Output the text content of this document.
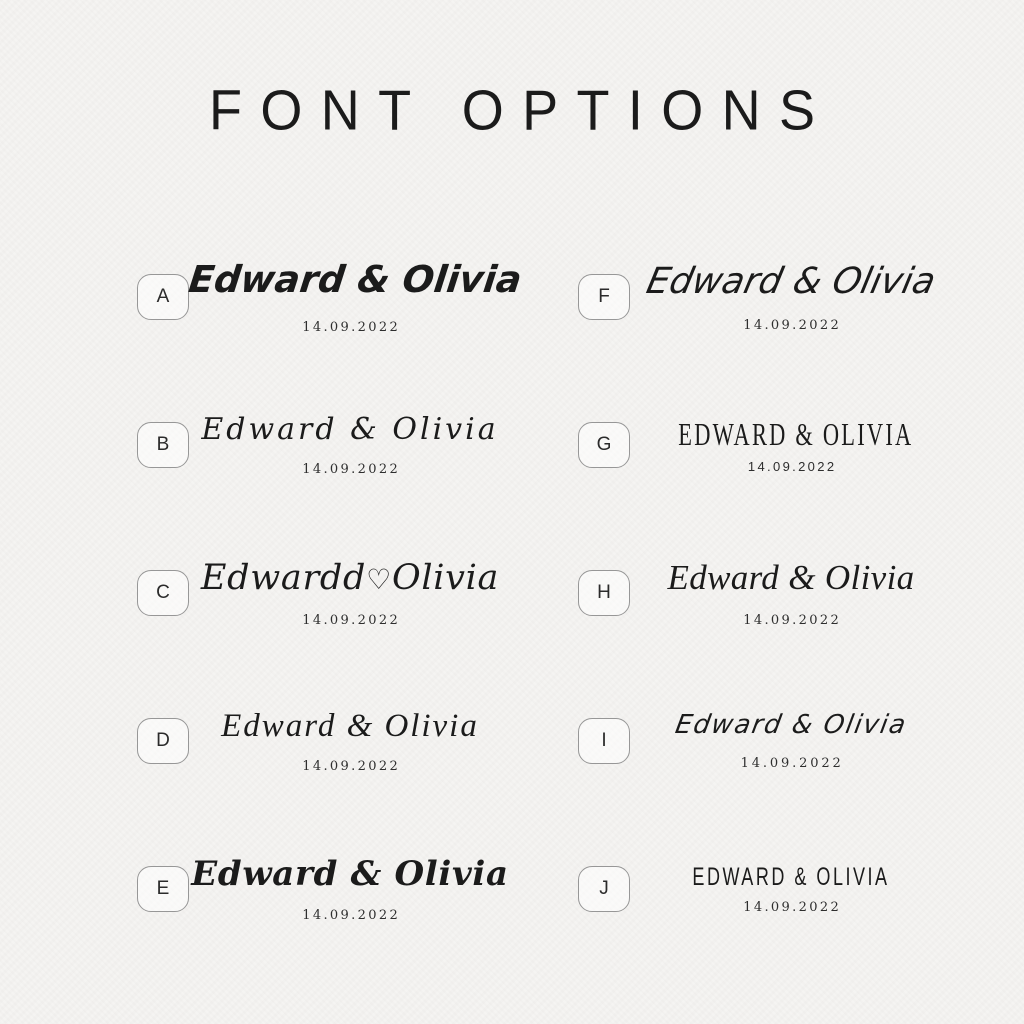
FONT OPTIONS
A Edward & Olivia
14.09.2022
F Edward & Olivia
14.09.2022
B	Edward & Olivia
14.09.2022
G EDWARD & OLIVIA
14.09.2022
C Edwardd♡Olivia
14.09.2022
H	Edward & Olivia
14.09.2022
D	Edward & Olivia
14.09.2022
I
Edward & Olivia
14.09.2022
E Edward & Olivia
14.09.2022
J	EDWARD & OLIVIA
14.09.2022
